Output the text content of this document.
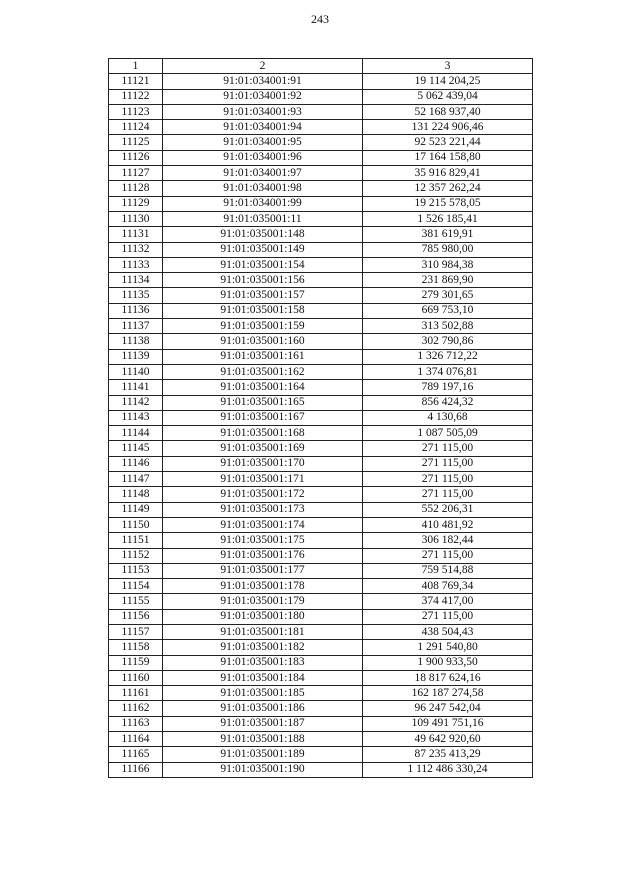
243
1	2	3
11121	91:01:034001:91	19 114 204,25
11122	91:01:034001:92	5 062 439,04
11123	91:01:034001:93	52 168 937,40
11124	91:01:034001:94	131 224 906,46
11125	91:01:034001:95	92 523 221,44
11126	91:01:034001:96	17 164 158,80
11127	91:01:034001:97	35 916 829,41
11128	91:01:034001:98	12 357 262,24
11129	91:01:034001:99	19 215 578,05
11130	91:01:035001:11	1 526 185,41
11131	91:01:035001:148	381 619,91
11132	91:01:035001:149	785 980,00
11133	91:01:035001:154	310 984,38
11134	91:01:035001:156	231 869,90
11135	91:01:035001:157	279 301,65
11136	91:01:035001:158	669 753,10
11137	91:01:035001:159	313 502,88
11138	91:01:035001:160	302 790,86
11139	91:01:035001:161	1 326 712,22
11140	91:01:035001:162	1 374 076,81
11141	91:01:035001:164	789 197,16
11142	91:01:035001:165	856 424,32
11143	91:01:035001:167	4 130,68
11144	91:01:035001:168	1 087 505,09
11145	91:01:035001:169	271 115,00
11146	91:01:035001:170	271 115,00
11147	91:01:035001:171	271 115,00
11148	91:01:035001:172	271 115,00
11149	91:01:035001:173	552 206,31
11150	91:01:035001:174	410 481,92
11151	91:01:035001:175	306 182,44
11152	91:01:035001:176	271 115,00
11153	91:01:035001:177	759 514,88
11154	91:01:035001:178	408 769,34
11155	91:01:035001:179	374 417,00
11156	91:01:035001:180	271 115,00
11157	91:01:035001:181	438 504,43
11158	91:01:035001:182	1 291 540,80
11159	91:01:035001:183	1 900 933,50
11160	91:01:035001:184	18 817 624,16
11161	91:01:035001:185	162 187 274,58
11162	91:01:035001:186	96 247 542,04
11163	91:01:035001:187	109 491 751,16
11164	91:01:035001:188	49 642 920,60
11165	91:01:035001:189	87 235 413,29
11166	91:01:035001:190	1 112 486 330,24
